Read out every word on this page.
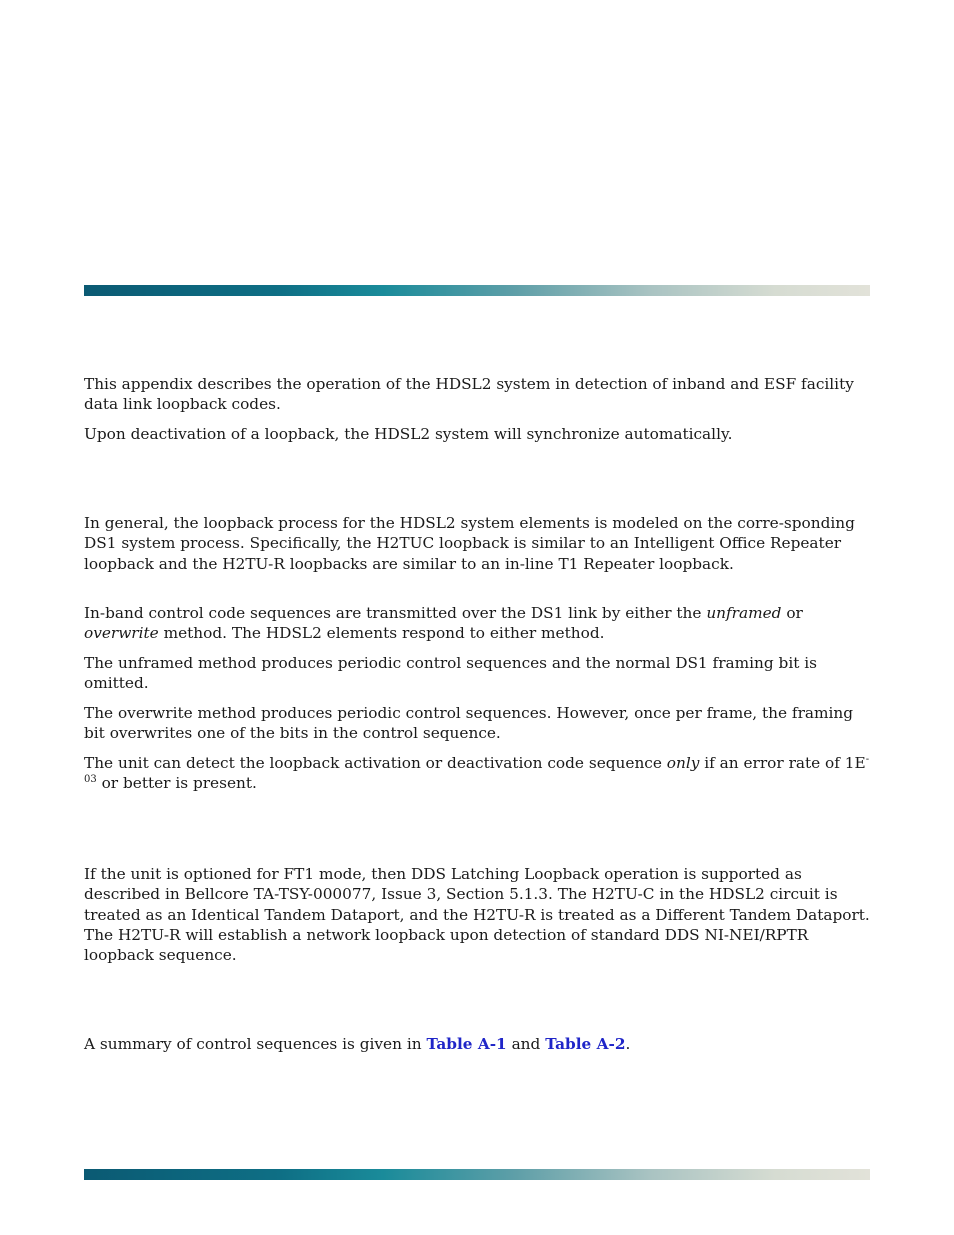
This appendix describes the operation of the HDSL2 system in detection of inband and ESF facility data link loopback codes.

Upon deactivation of a loopback, the HDSL2 system will synchronize automatically.

In general, the loopback process for the HDSL2 system elements is modeled on the corre-sponding DS1 system process. Specifically, the H2TUC loopback is similar to an Intelligent Office Repeater loopback and the H2TU-R loopbacks are similar to an in-line T1 Repeater loopback.

In-band control code sequences are transmitted over the DS1 link by either the unframed or
overwrite method. The HDSL2 elements respond to either method.

The unframed method produces periodic control sequences and the normal DS1 framing bit is omitted.

The overwrite method produces periodic control sequences. However, once per frame, the framing bit overwrites one of the bits in the control sequence.

The unit can detect the loopback activation or deactivation code sequence only if an error rate of $1E^{-03}$ or better is present.

If the unit is optioned for FT1 mode, then DDS Latching Loopback operation is supported as described in Bellcore TA-TSY-000077, Issue 3, Section 5.1.3. The H2TU-C in the HDSL2 circuit is treated as an Identical Tandem Dataport, and the H2TU-R is treated as a Different Tandem Dataport. The H2TU-R will establish a network loopback upon detection of standard DDS NI-NEI/RPTR loopback sequence.

A summary of control sequences is given in Table A-1 and Table A-2.
